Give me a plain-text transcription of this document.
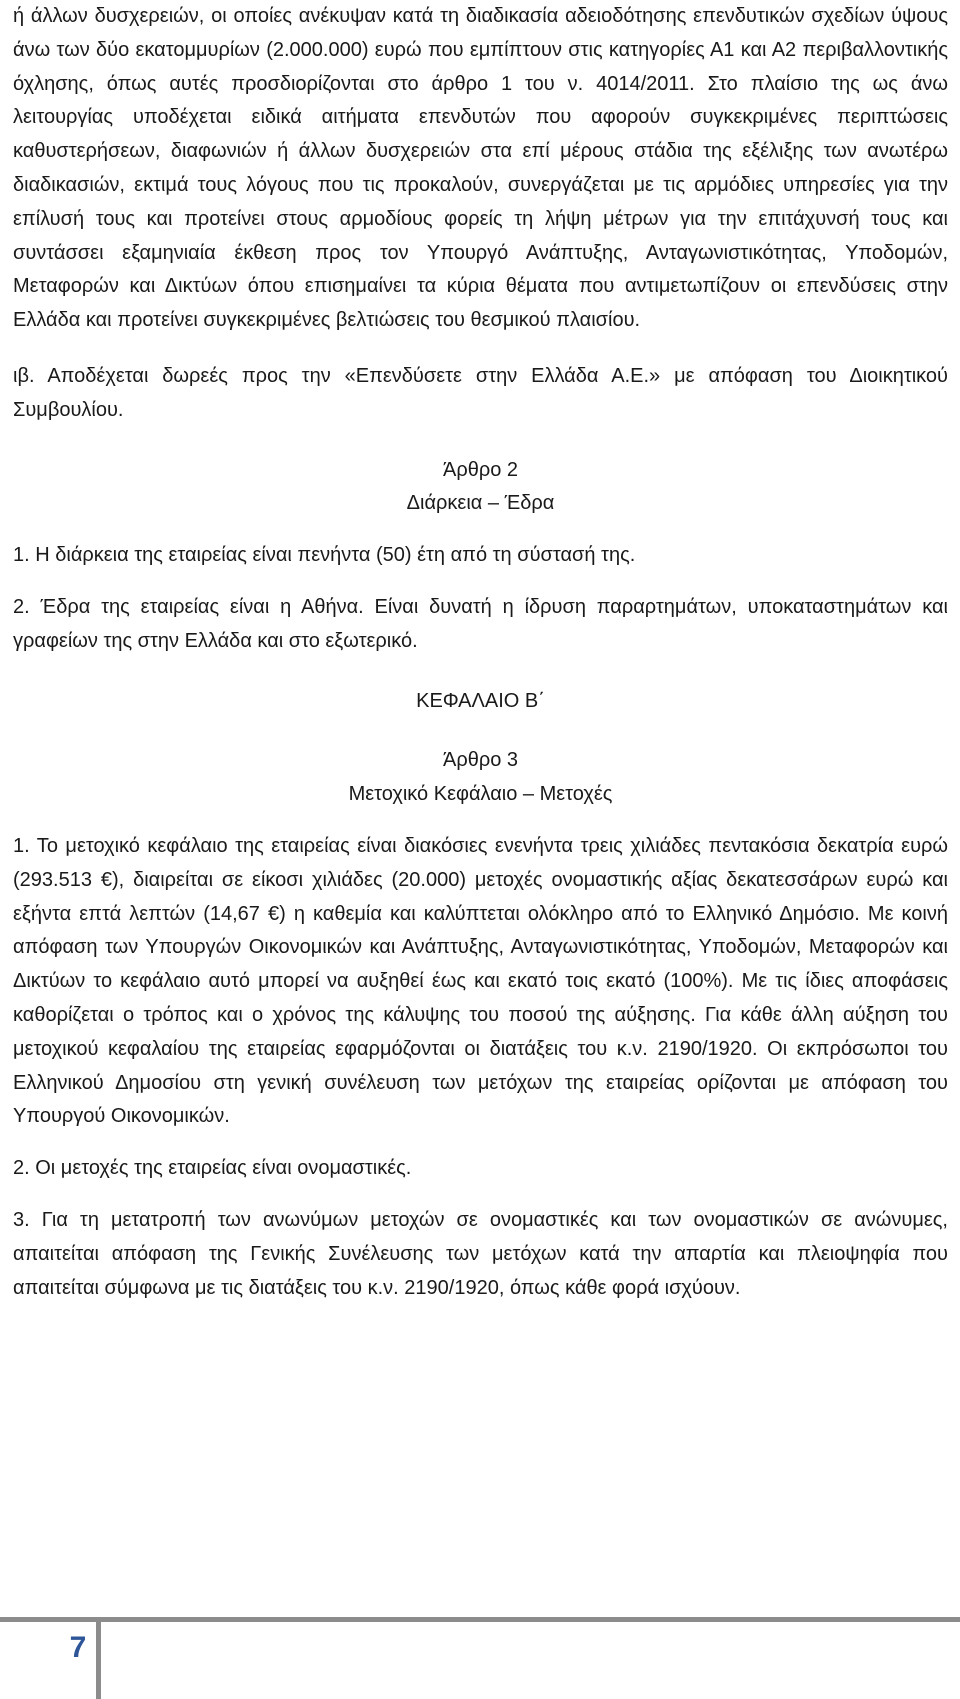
ή άλλων δυσχερειών, οι οποίες ανέκυψαν κατά τη διαδικασία αδειοδότησης επενδυτικών σχεδίων ύψους άνω των δύο εκατομμυρίων (2.000.000) ευρώ που εμπίπτουν στις κατηγορίες Α1 και Α2 περιβαλλοντικής όχλησης, όπως αυτές προσδιορίζονται στο άρθρο 1 του ν. 4014/2011. Στο πλαίσιο της ως άνω λειτουργίας υποδέχεται ειδικά αιτήματα επενδυτών που αφορούν συγκεκριμένες περιπτώσεις καθυστερήσεων, διαφωνιών ή άλλων δυσχερειών στα επί μέρους στάδια της εξέλιξης των ανωτέρω διαδικασιών, εκτιμά τους λόγους που τις προκαλούν, συνεργάζεται με τις αρμόδιες υπηρεσίες για την επίλυσή τους και προτείνει στους αρμοδίους φορείς τη λήψη μέτρων για την επιτάχυνσή τους και συντάσσει εξαμηνιαία έκθεση προς τον Υπουργό Ανάπτυξης, Ανταγωνιστικότητας, Υποδομών, Μεταφορών και Δικτύων όπου επισημαίνει τα κύρια θέματα που αντιμετωπίζουν οι επενδύσεις στην Ελλάδα και προτείνει συγκεκριμένες βελτιώσεις του θεσμικού πλαισίου.

ιβ. Αποδέχεται δωρεές προς την «Επενδύσετε στην Ελλάδα Α.Ε.» με απόφαση του Διοικητικού Συμβουλίου.

Άρθρο 2

Διάρκεια – Έδρα

1. Η διάρκεια της εταιρείας είναι πενήντα (50) έτη από τη σύστασή της.

2. Έδρα της εταιρείας είναι η Αθήνα. Είναι δυνατή η ίδρυση παραρτημάτων, υποκαταστημάτων και γραφείων της στην Ελλάδα και στο εξωτερικό.

ΚΕΦΑΛΑΙΟ Β΄

Άρθρο 3

Μετοχικό Κεφάλαιο ‒ Μετοχές

1. Το μετοχικό κεφάλαιο της εταιρείας είναι διακόσιες ενενήντα τρεις χιλιάδες πεντακόσια δεκατρία ευρώ (293.513 €), διαιρείται σε είκοσι χιλιάδες (20.000) μετοχές ονομαστικής αξίας δεκατεσσάρων ευρώ και εξήντα επτά λεπτών (14,67 €) η καθεμία και καλύπτεται ολόκληρο από το Ελληνικό Δημόσιο. Με κοινή απόφαση των Υπουργών Οικονομικών και Ανάπτυξης, Ανταγωνιστικότητας, Υποδομών, Μεταφορών και Δικτύων το κεφάλαιο αυτό μπορεί να αυξηθεί έως και εκατό τοις εκατό (100%). Με τις ίδιες αποφάσεις καθορίζεται ο τρόπος και ο χρόνος της κάλυψης του ποσού της αύξησης. Για κάθε άλλη αύξηση του μετοχικού κεφαλαίου της εταιρείας εφαρμόζονται οι διατάξεις του κ.ν. 2190/1920. Οι εκπρόσωποι του Ελληνικού Δημοσίου στη γενική συνέλευση των μετόχων της εταιρείας ορίζονται με απόφαση του Υπουργού Οικονομικών.

2. Οι μετοχές της εταιρείας είναι ονομαστικές.

3. Για τη μετατροπή των ανωνύμων μετοχών σε ονομαστικές και των ονομαστικών σε ανώνυμες, απαιτείται απόφαση της Γενικής Συνέλευσης των μετόχων κατά την απαρτία και πλειοψηφία που απαιτείται σύμφωνα με τις διατάξεις του κ.ν. 2190/1920, όπως κάθε φορά ισχύουν.

7
